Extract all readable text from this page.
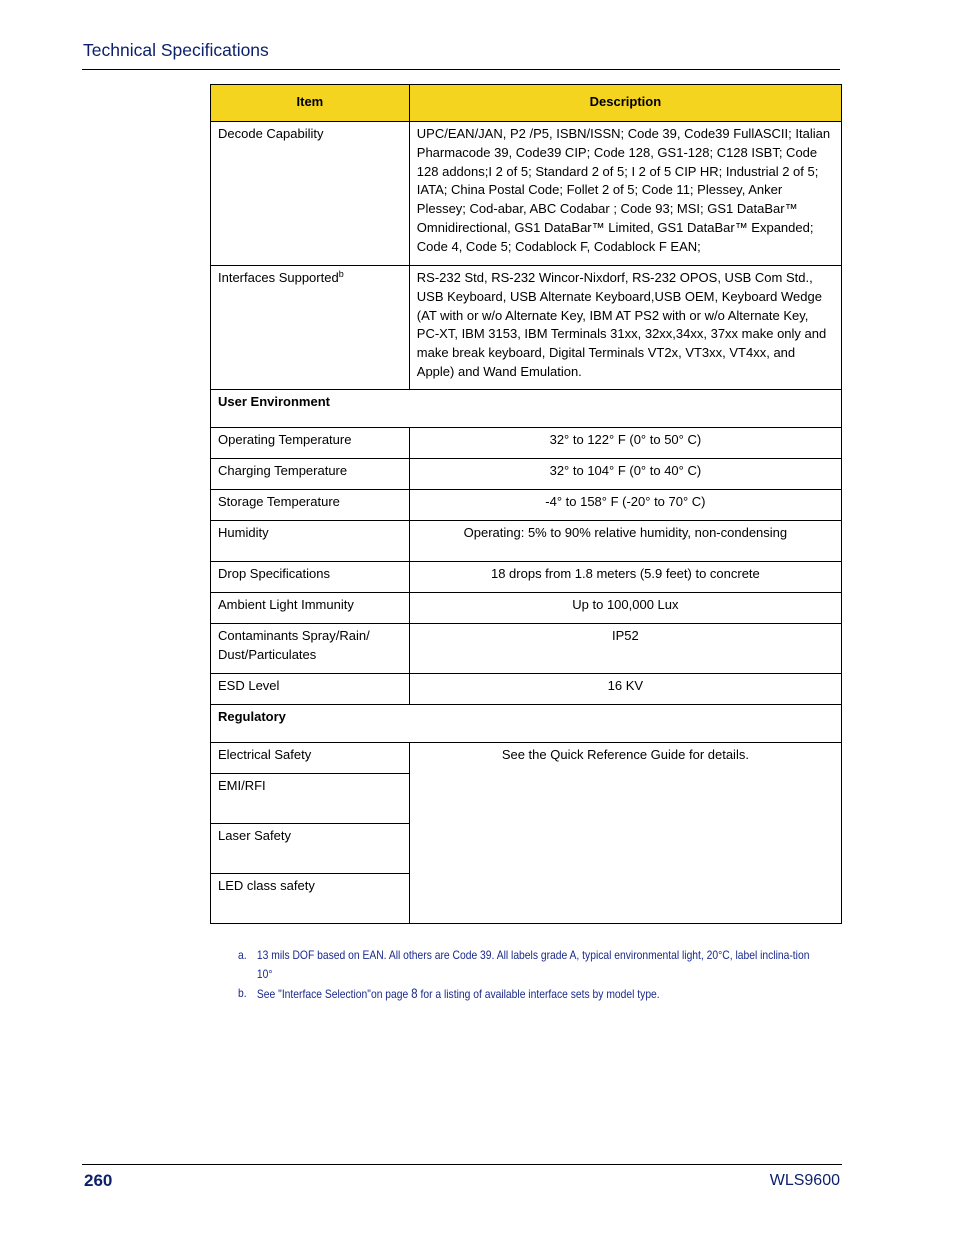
Technical Specifications
Item	Description
Decode Capability	UPC/EAN/JAN, P2 /P5, ISBN/ISSN; Code 39, Code39 FullASCII; Italian Pharmacode 39, Code39 CIP; Code 128, GS1-128; C128 ISBT; Code 128 addons;I 2 of 5; Standard 2 of 5; I 2 of 5 CIP HR; Industrial 2 of 5; IATA; China Postal Code; Follet 2 of 5; Code 11; Plessey, Anker Plessey; Cod-abar, ABC Codabar ; Code 93; MSI; GS1 DataBar™ Omnidirectional, GS1 DataBar™ Limited, GS1 DataBar™ Expanded; Code 4, Code 5; Codablock F, Codablock F EAN;
Interfaces Supported$^b$	RS-232 Std, RS-232 Wincor-Nixdorf, RS-232 OPOS, USB Com Std., USB Keyboard, USB Alternate Keyboard,USB OEM, Keyboard Wedge (AT with or w/o Alternate Key, IBM AT PS2 with or w/o Alternate Key, PC-XT, IBM 3153, IBM Terminals 31xx, 32xx,34xx, 37xx make only and make break keyboard, Digital Terminals VT2x, VT3xx, VT4xx, and Apple) and Wand Emulation.
User Environment	
Operating Temperature	32° to 122° F (0° to 50° C)
Charging Temperature	32° to 104° F (0° to 40° C)
Storage Temperature	-4° to 158° F (-20° to 70° C)
Humidity	Operating: 5% to 90% relative humidity, non-condensing
Drop Specifications	18 drops from 1.8 meters (5.9 feet) to concrete
Ambient Light Immunity	Up to 100,000 Lux
Contaminants Spray/Rain/ Dust/Particulates	IP52
ESD Level	16 KV
Regulatory	
Electrical Safety	See the Quick Reference Guide for details.
EMI/RFI	
Laser Safety	
LED class safety	
a. 13 mils DOF based on EAN. All others are Code 39. All labels grade A, typical environmental light, 20°C, label inclina-tion 10°
b. See "Interface Selection"on page 8 for a listing of available interface sets by model type.
260	WLS9600
